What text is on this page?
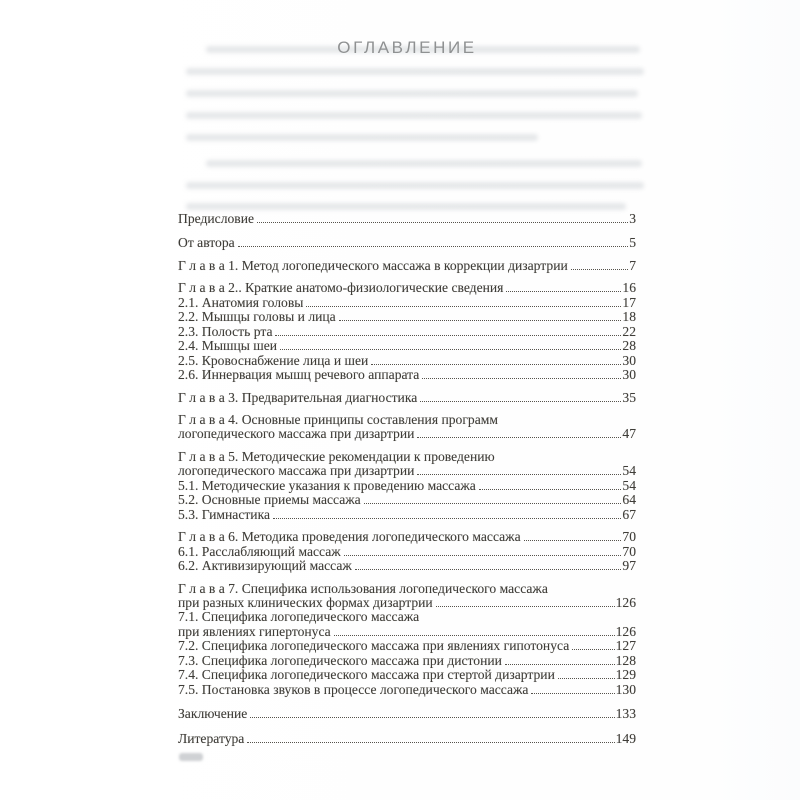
ОГЛАВЛЕНИЕ
Предисловие	3
От автора	5
Г л а в а 1. Метод логопедического массажа в коррекции дизартрии	7
Г л а в а 2.. Краткие анатомо-физиологические сведения	16
2.1. Анатомия головы	17
2.2. Мышцы головы и лица	18
2.3. Полость рта	22
2.4. Мышцы шеи	28
2.5. Кровоснабжение лица и шеи	30
2.6. Иннервация мышц речевого аппарата	30
Г л а в а 3. Предварительная диагностика	35
Г л а в а 4. Основные принципы составления программ
логопедического массажа при дизартрии	47
Г л а в а 5. Методические рекомендации к проведению
логопедического массажа при дизартрии	54
5.1. Методические указания к проведению массажа	54
5.2. Основные приемы массажа	64
5.3. Гимнастика	67
Г л а в а 6. Методика проведения логопедического массажа	70
6.1. Расслабляющий массаж	70
6.2. Активизирующий массаж	97
Г л а в а 7. Специфика использования логопедического массажа
при разных клинических формах дизартрии	126
7.1. Специфика логопедического массажа
при явлениях гипертонуса	126
7.2. Специфика логопедического массажа при явлениях гипотонуса	127
7.3. Специфика логопедического массажа при дистонии	128
7.4. Специфика логопедического массажа при стертой дизартрии	129
7.5. Постановка звуков в процессе логопедического массажа	130
Заключение	133
Литература	149
